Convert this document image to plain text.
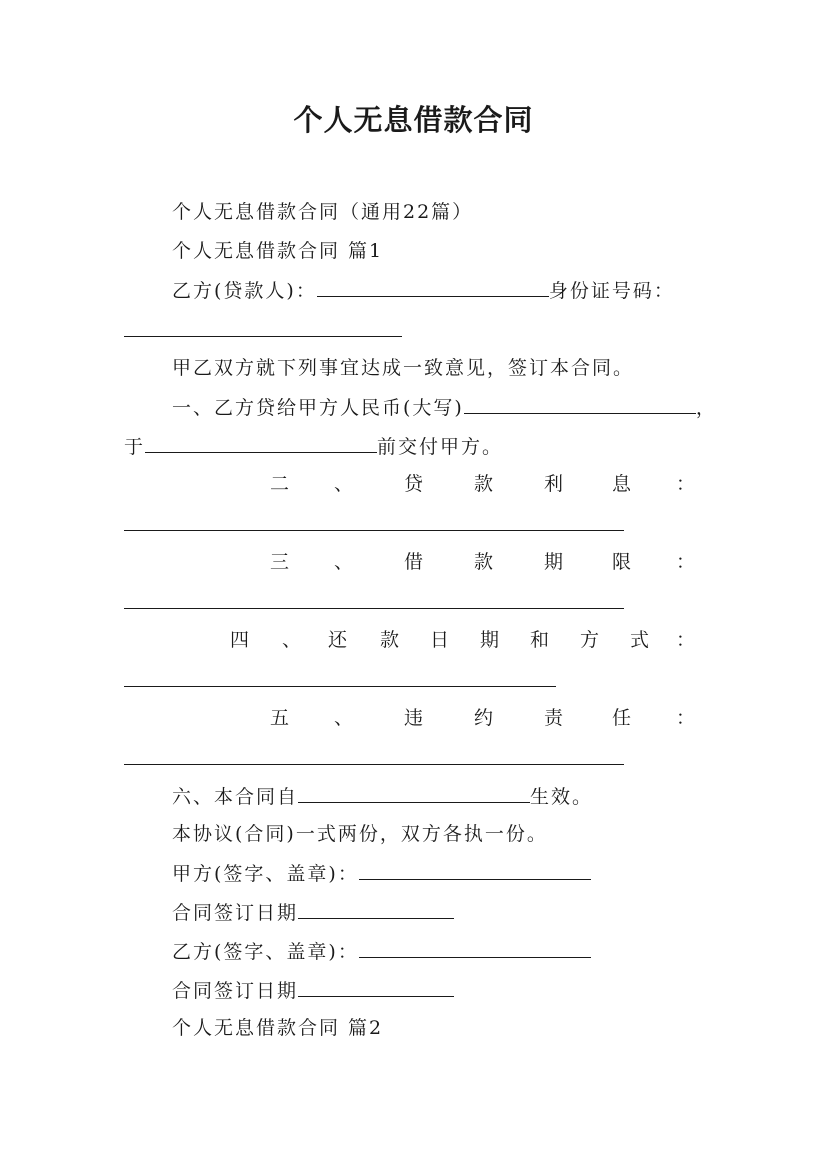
个人无息借款合同
个人无息借款合同（通用22篇）
个人无息借款合同 篇1
乙方(贷款人)：	身份证号码：
甲乙双方就下列事宜达成一致意见，签订本合同。
一、乙方贷给甲方人民币(大写)	，
于	前交付甲方。
二 、	贷	款	利	息 ：
三 、	借	款	期	限 ：
四 、 还 款 日 期 和 方 式 ：
五 、	违	约	责	任 ：
六、本合同自	生效。
本协议(合同)一式两份，双方各执一份。
甲方(签字、盖章)：
合同签订日期
乙方(签字、盖章)：
合同签订日期
个人无息借款合同 篇2
